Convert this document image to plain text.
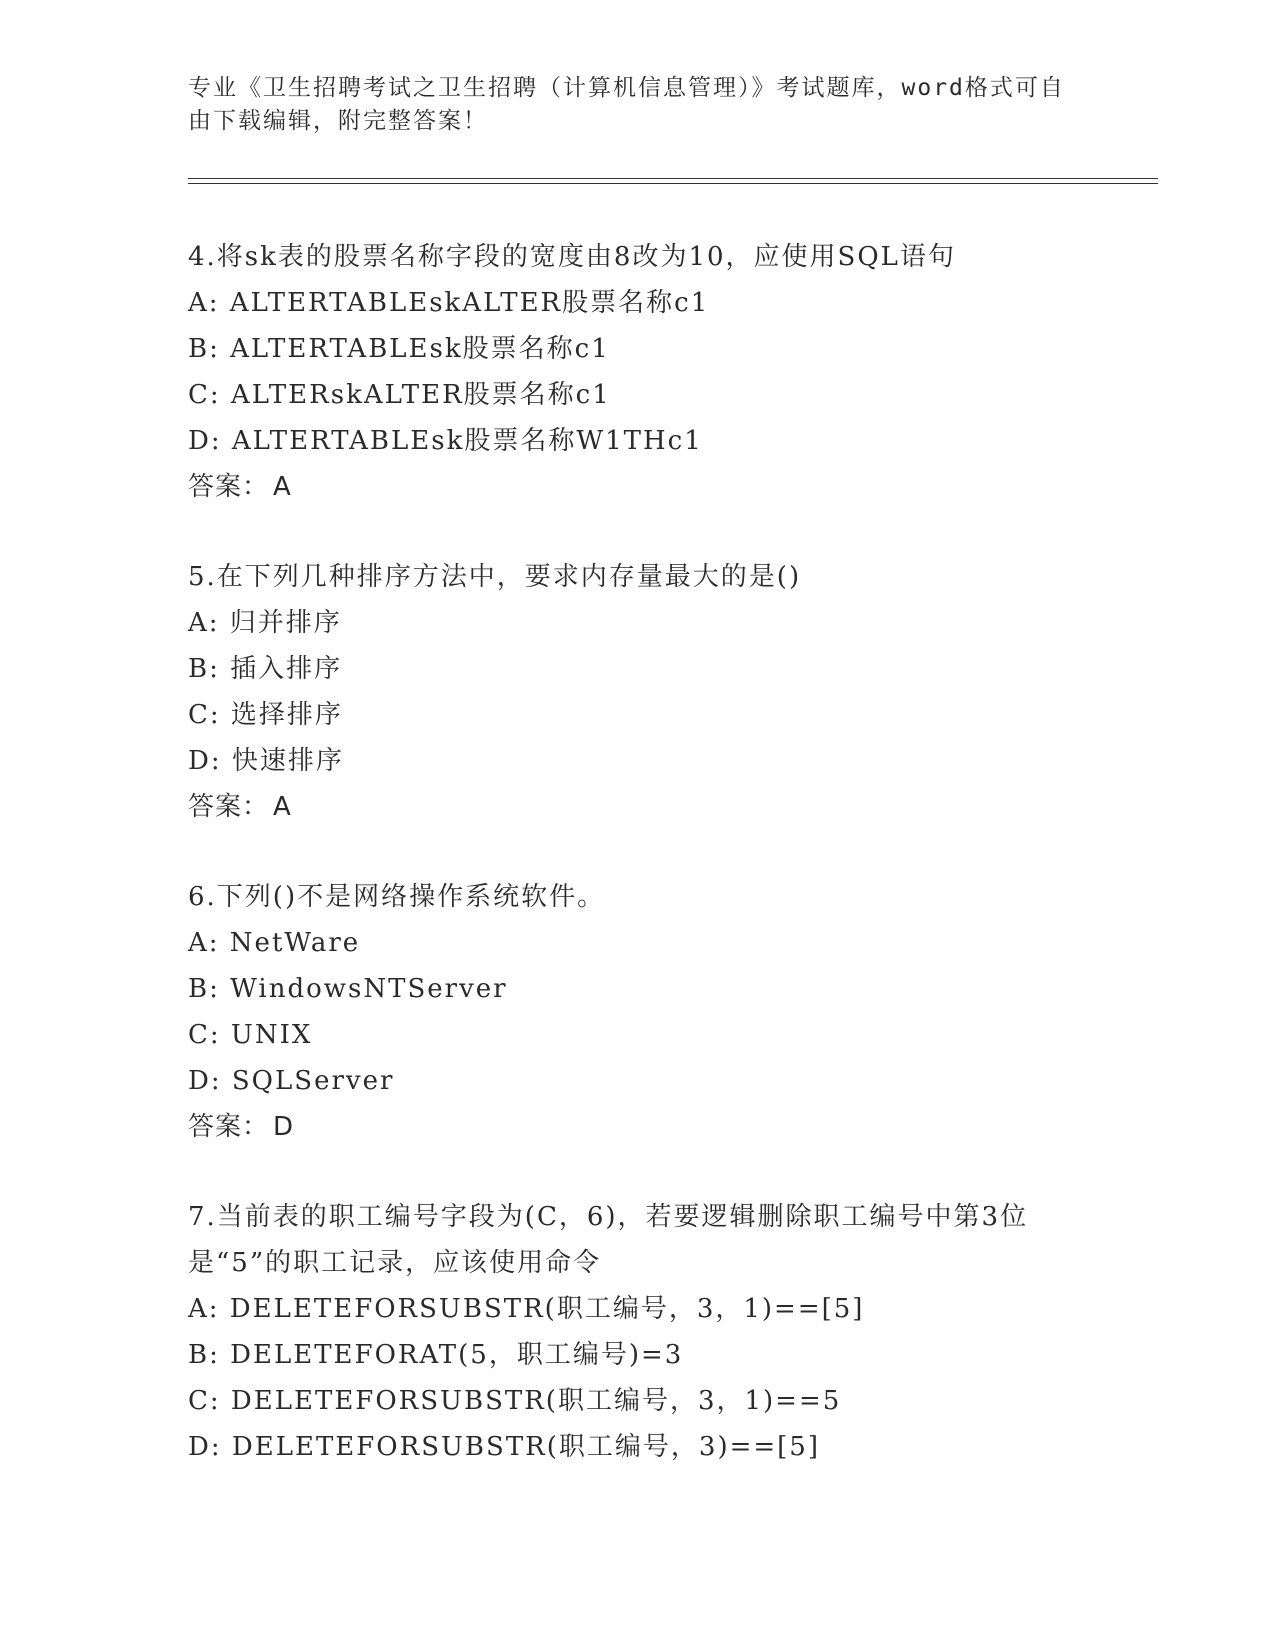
专业《卫生招聘考试之卫生招聘（计算机信息管理）》考试题库，word格式可自由下载编辑，附完整答案！
4.将sk表的股票名称字段的宽度由8改为10，应使用SQL语句
A: ALTERTABLEskALTER股票名称c1
B: ALTERTABLEsk股票名称c1
C: ALTERskALTER股票名称c1
D: ALTERTABLEsk股票名称W1THc1
答案： A
5.在下列几种排序方法中，要求内存量最大的是()
A: 归并排序
B: 插入排序
C: 选择排序
D: 快速排序
答案： A
6.下列()不是网络操作系统软件。
A: NetWare
B: WindowsNTServer
C: UNIX
D: SQLServer
答案： D
7.当前表的职工编号字段为(C，6)，若要逻辑删除职工编号中第3位是“5”的职工记录，应该使用命令
A: DELETEFORSUBSTR(职工编号，3，1)==[5]
B: DELETEFORAT(5，职工编号)=3
C: DELETEFORSUBSTR(职工编号，3，1)==5
D: DELETEFORSUBSTR(职工编号，3)==[5]
